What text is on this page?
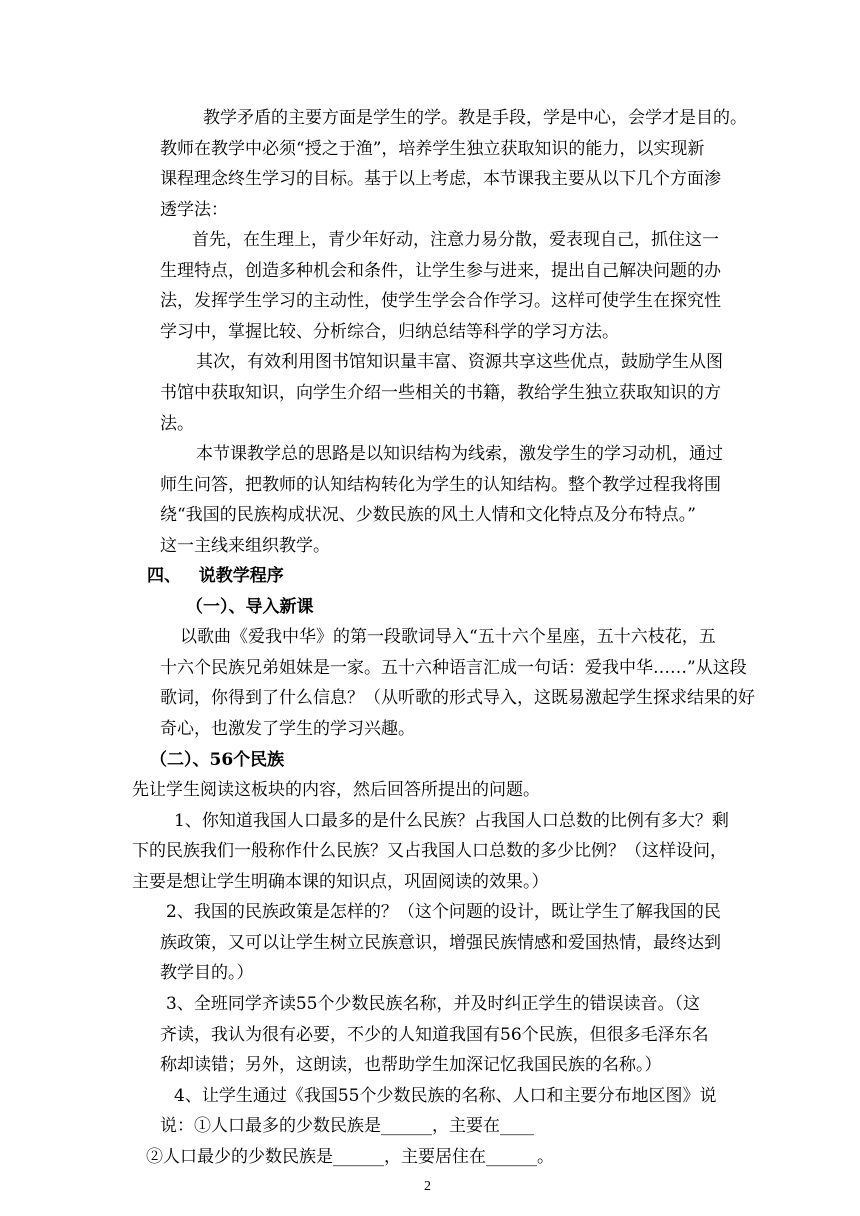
教学矛盾的主要方面是学生的学。教是手段，学是中心，会学才是目的。
教师在教学中必须“授之于渔”，培养学生独立获取知识的能力，以实现新
课程理念终生学习的目标。基于以上考虑，本节课我主要从以下几个方面渗
透学法：
首先，在生理上，青少年好动，注意力易分散，爱表现自己，抓住这一
生理特点，创造多种机会和条件，让学生参与进来，提出自己解决问题的办
法，发挥学生学习的主动性，使学生学会合作学习。这样可使学生在探究性
学习中，掌握比较、分析综合，归纳总结等科学的学习方法。
其次，有效利用图书馆知识量丰富、资源共享这些优点，鼓励学生从图
书馆中获取知识，向学生介绍一些相关的书籍，教给学生独立获取知识的方
法。
本节课教学总的思路是以知识结构为线索，激发学生的学习动机，通过
师生问答，把教师的认知结构转化为学生的认知结构。整个教学过程我将围
绕“我国的民族构成状况、少数民族的风土人情和文化特点及分布特点。”
这一主线来组织教学。
四、   说教学程序
（一）、导入新课
以歌曲《爱我中华》的第一段歌词导入“五十六个星座，五十六枝花，五
十六个民族兄弟姐妹是一家。五十六种语言汇成一句话：爱我中华……”从这段
歌词，你得到了什么信息？（从听歌的形式导入，这既易激起学生探求结果的好
奇心，也激发了学生的学习兴趣。
（二）、56个民族
先让学生阅读这板块的内容，然后回答所提出的问题。
1、你知道我国人口最多的是什么民族？占我国人口总数的比例有多大？剩
下的民族我们一般称作什么民族？又占我国人口总数的多少比例？（这样设问，
主要是想让学生明确本课的知识点，巩固阅读的效果。）
2、我国的民族政策是怎样的？（这个问题的设计，既让学生了解我国的民
族政策，又可以让学生树立民族意识，增强民族情感和爱国热情，最终达到
教学目的。）
3、全班同学齐读55个少数民族名称，并及时纠正学生的错误读音。（这
齐读，我认为很有必要，不少的人知道我国有56个民族，但很多毛泽东名
称却读错；另外，这朗读，也帮助学生加深记忆我国民族的名称。）
4、让学生通过《我国55个少数民族的名称、人口和主要分布地区图》说
说：①人口最多的少数民族是______，主要在____
②人口最少的少数民族是______，主要居住在______。
2
